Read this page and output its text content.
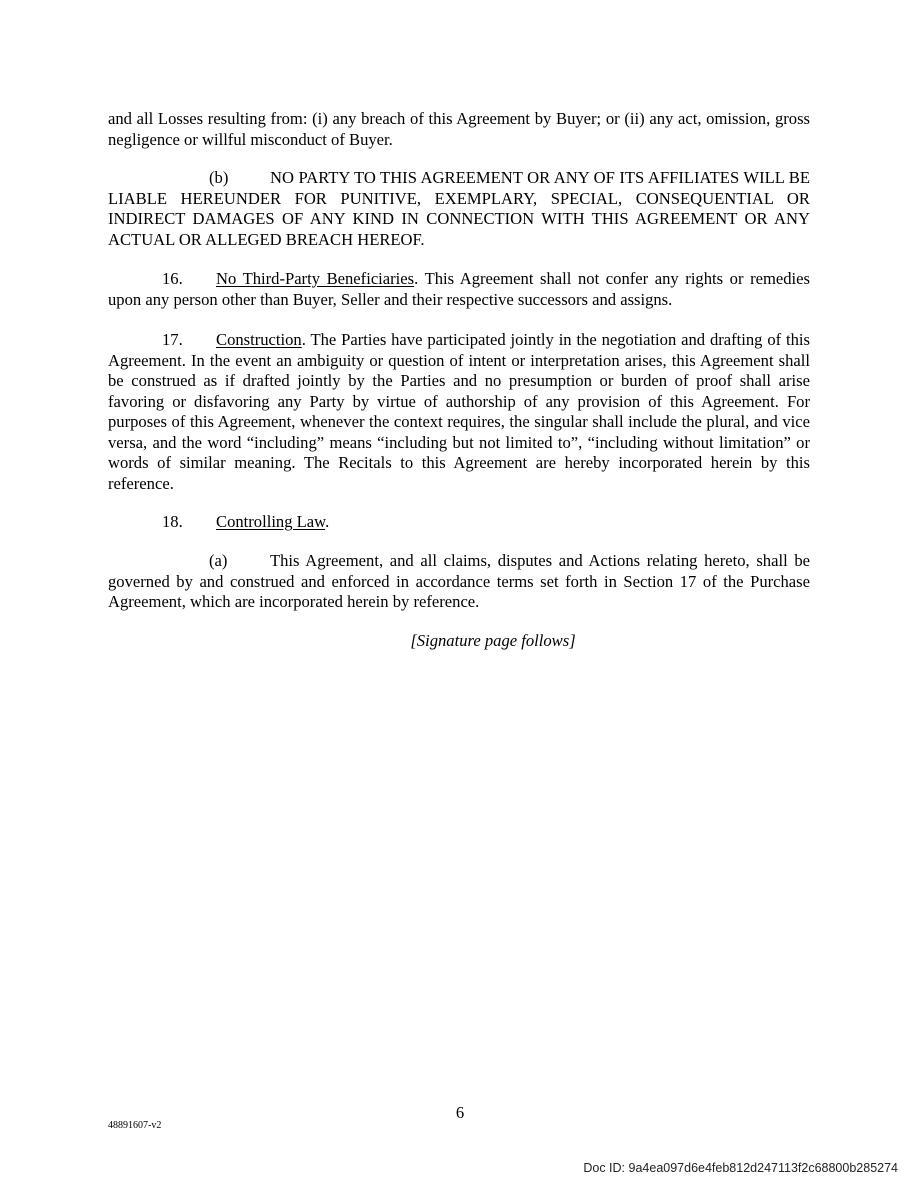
and all Losses resulting from: (i) any breach of this Agreement by Buyer; or (ii) any act, omission, gross negligence or willful misconduct of Buyer.

(b)	NO PARTY TO THIS AGREEMENT OR ANY OF ITS AFFILIATES WILL BE LIABLE HEREUNDER FOR PUNITIVE, EXEMPLARY, SPECIAL, CONSEQUENTIAL OR INDIRECT DAMAGES OF ANY KIND IN CONNECTION WITH THIS AGREEMENT OR ANY ACTUAL OR ALLEGED BREACH HEREOF.

16. No Third-Party Beneficiaries. This Agreement shall not confer any rights or remedies upon any person other than Buyer, Seller and their respective successors and assigns.

17. Construction. The Parties have participated jointly in the negotiation and drafting of this Agreement. In the event an ambiguity or question of intent or interpretation arises, this Agreement shall be construed as if drafted jointly by the Parties and no presumption or burden of proof shall arise favoring or disfavoring any Party by virtue of authorship of any provision of this Agreement. For purposes of this Agreement, whenever the context requires, the singular shall include the plural, and vice versa, and the word “including” means “including but not limited to”, “including without limitation” or words of similar meaning. The Recitals to this Agreement are hereby incorporated herein by this reference.

18. Controlling Law.

(a)	This Agreement, and all claims, disputes and Actions relating hereto, shall be governed by and construed and enforced in accordance terms set forth in Section 17 of the Purchase Agreement, which are incorporated herein by reference.

[Signature page follows]
6
48891607-v2
Doc ID: 9a4ea097d6e4feb812d247113f2c68800b285274
